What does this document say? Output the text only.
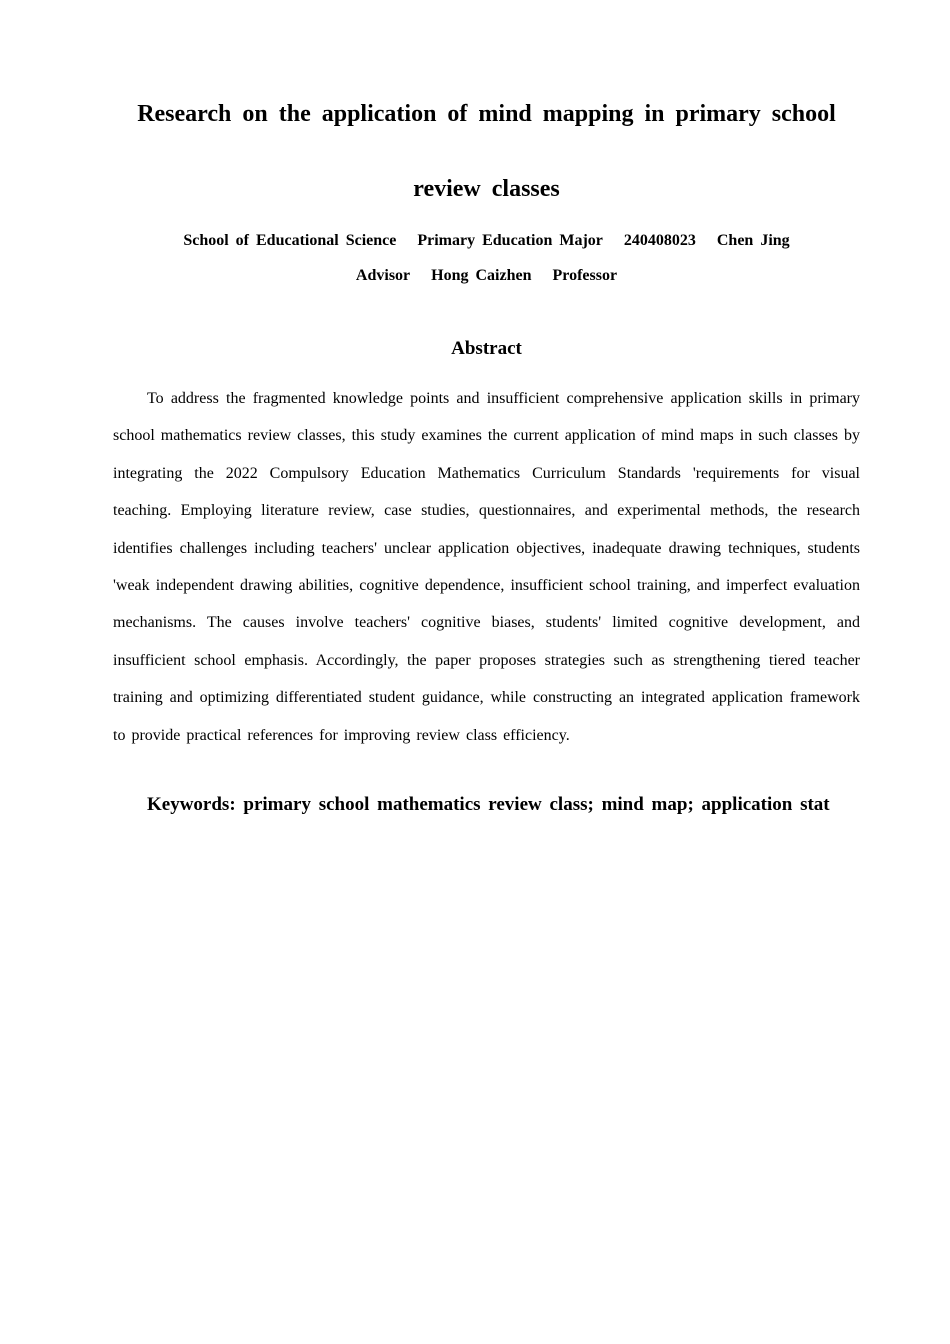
Research on the application of mind mapping in primary school
review classes
School of Educational Science Primary Education Major 240408023 Chen Jing
Advisor Hong Caizhen Professor
Abstract

To address the fragmented knowledge points and insufficient comprehensive application skills in primary school mathematics review classes, this study examines the current application of mind maps in such classes by integrating the 2022 Compulsory Education Mathematics Curriculum Standards 'requirements for visual teaching. Employing literature review, case studies, questionnaires, and experimental methods, the research identifies challenges including teachers' unclear application objectives, inadequate drawing techniques, students 'weak independent drawing abilities, cognitive dependence, insufficient school training, and imperfect evaluation mechanisms. The causes involve teachers' cognitive biases, students' limited cognitive development, and insufficient school emphasis. Accordingly, the paper proposes strategies such as strengthening tiered teacher training and optimizing differentiated student guidance, while constructing an integrated application framework to provide practical references for improving review class efficiency.

Keywords: primary school mathematics review class; mind map; application stat
